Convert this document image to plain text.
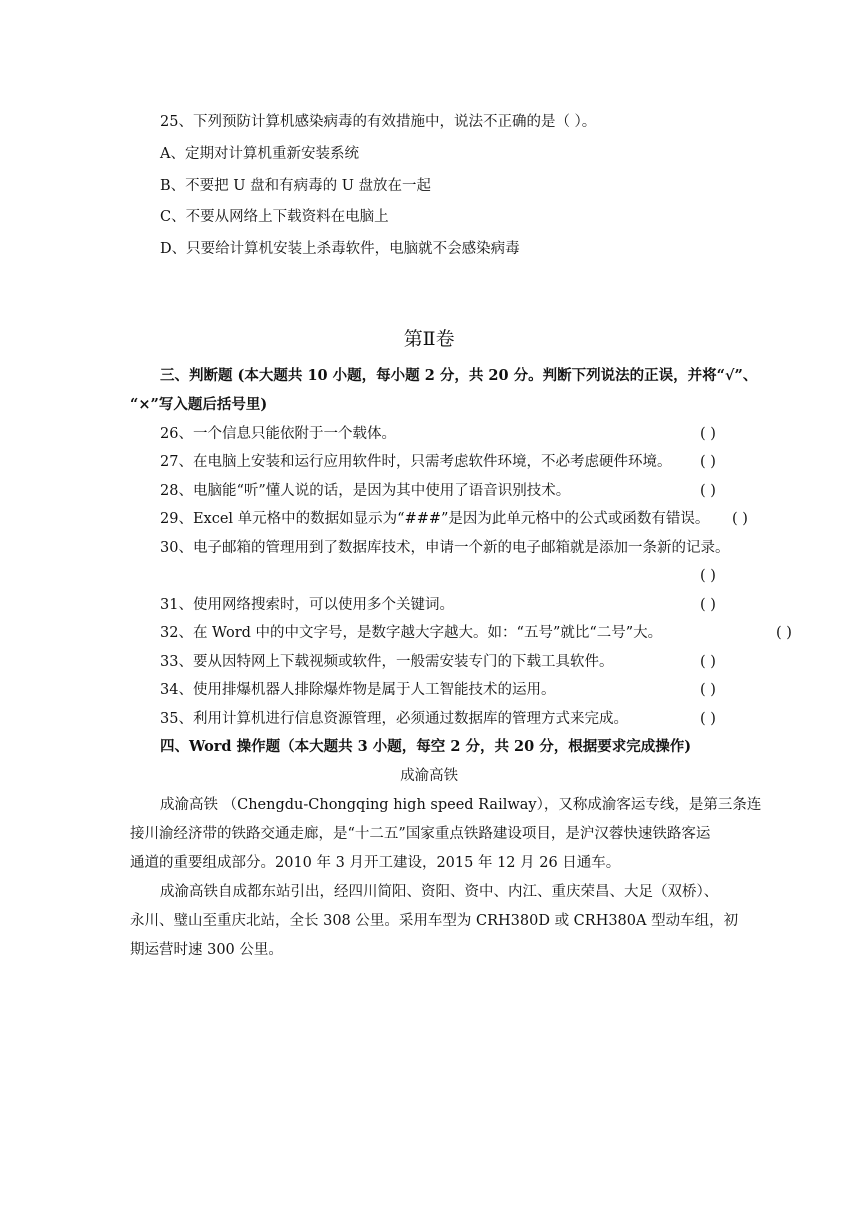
25、下列预防计算机感染病毒的有效措施中，说法不正确的是（ ）。
A、定期对计算机重新安装系统
B、不要把 U 盘和有病毒的 U 盘放在一起
C、不要从网络上下载资料在电脑上
D、只要给计算机安装上杀毒软件，电脑就不会感染病毒
第Ⅱ卷
三、判断题 (本大题共 10 小题，每小题 2 分，共 20 分。判断下列说法的正误，并将“√”、
“×”写入题后括号里)
26、一个信息只能依附于一个载体。	( )
27、在电脑上安装和运行应用软件时，只需考虑软件环境，不必考虑硬件环境。 ( )
28、电脑能“听”懂人说的话，是因为其中使用了语音识别技术。	( )
29、Excel 单元格中的数据如显示为“###”是因为此单元格中的公式或函数有错误。 ( )
30、电子邮箱的管理用到了数据库技术，申请一个新的电子邮箱就是添加一条新的记录。
( )
31、使用网络搜索时，可以使用多个关键词。	( )
32、在 Word 中的中文字号，是数字越大字越大。如：“五号”就比“二号”大。	( )
33、要从因特网上下载视频或软件，一般需安装专门的下载工具软件。	( )
34、使用排爆机器人排除爆炸物是属于人工智能技术的运用。	( )
35、利用计算机进行信息资源管理，必须通过数据库的管理方式来完成。	( )
四、Word 操作题（本大题共 3 小题，每空 2 分，共 20 分，根据要求完成操作)
成渝高铁
成渝高铁 （Chengdu-Chongqing high speed Railway），又称成渝客运专线，是第三条连
接川渝经济带的铁路交通走廊，是“十二五”国家重点铁路建设项目，是沪汉蓉快速铁路客运
通道的重要组成部分。2010 年 3 月开工建设，2015 年 12 月 26 日通车。
成渝高铁自成都东站引出，经四川简阳、资阳、资中、内江、重庆荣昌、大足（双桥）、
永川、璧山至重庆北站，全长 308 公里。采用车型为 CRH380D 或 CRH380A 型动车组，初
期运营时速 300 公里。
